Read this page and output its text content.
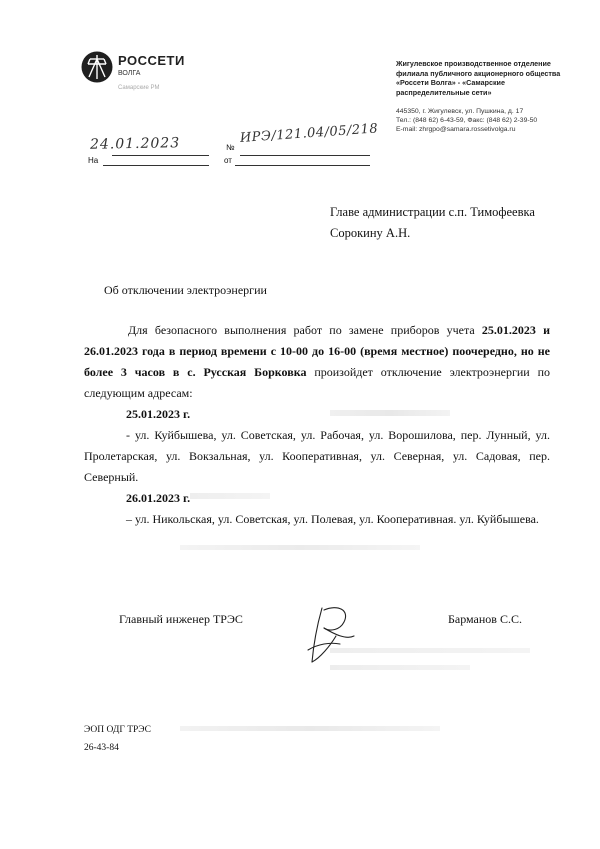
РОССЕТИ
ВОЛГА
Самарские РМ
Жигулевское производственное отделение филиала публичного акционерного общества «Россети Волга» - «Самарские распределительные сети»
445350, г. Жигулевск, ул. Пушкина, д. 17
Тел.: (848 62) 6-43-59, Факс: (848 62) 2-39-50
E-mail: zhrgpo@samara.rossetivolga.ru
24.01.2023	№
ИРЭ/121.04/05/218
На	от
Главе администрации с.п. Тимофеевка
Сорокину А.Н.
Об отключении электроэнергии
Для безопасного выполнения работ по замене приборов учета 25.01.2023 и 26.01.2023 года в период времени с 10-00 до 16-00 (время местное) поочередно, но не более 3 часов в с. Русская Борковка произойдет отключение электроэнергии по следующим адресам:
25.01.2023 г.
- ул. Куйбышева, ул. Советская, ул. Рабочая, ул. Ворошилова, пер. Лунный, ул. Пролетарская, ул. Вокзальная, ул. Кооперативная, ул. Северная, ул. Садовая, пер. Северный.
26.01.2023 г.
– ул. Никольская, ул. Советская, ул. Полевая, ул. Кооперативная. ул. Куйбышева.
Главный инженер ТРЭС	Барманов С.С.
ЭОП ОДГ ТРЭС
26-43-84
